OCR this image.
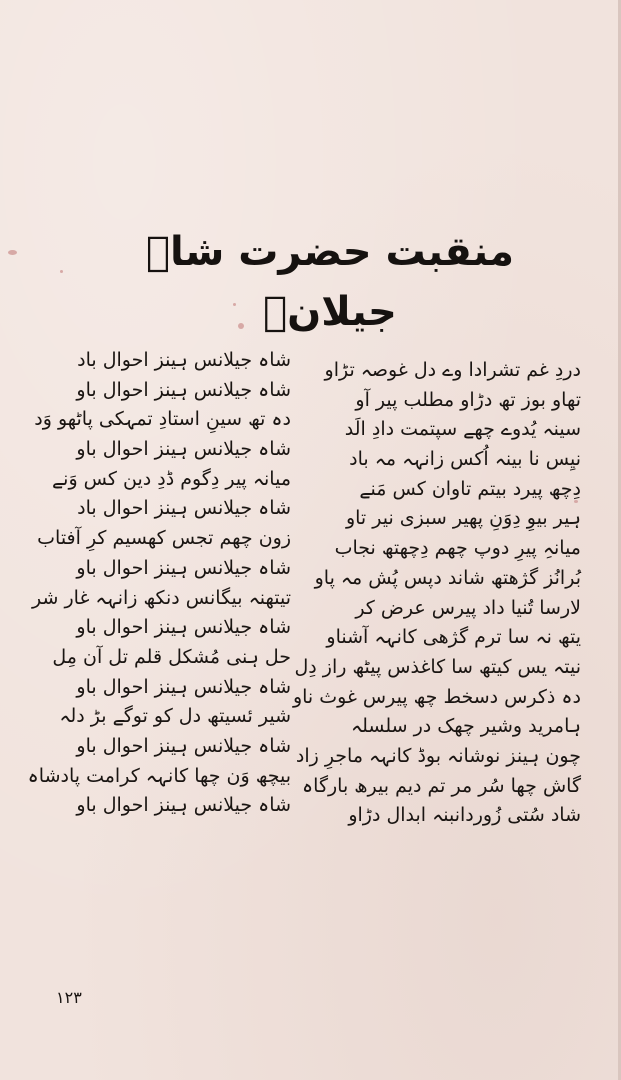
منقبت حضرت شاہ جیلانؒ
دردِ غم تشرادا وے دل غوصہ تڑاو
تھاو بوز تھ دڑاو مطلب پیر آو
سینہ یُدوے چھے سپتمت دادِ الَد
نیِس نا بینہ اُکس زانہہ مہ باد
دِچھ پیرد بیتم تاوان کس مَنے
ہیر بیوِ دِوَنِ پھیر سبزی نیر تاو
میانہِ پیرِ دوپ چھم دِچھتھ نجاب
بُرانُز گژھتھ شاند دپس پُش مہ پاو
لارسا تُنیا داد پیرس عرض کر
یتھ نہ سا ترم گژھی کانہہ آشناو
نیتہ یس کیتھ سا کاغذس پیٹھ راز دِل
دہ ذکرس دسخط چھ پیرس غوث ناو
ہامرید وشیر چھک در سلسلہ
چون ہینز نوشانہ بوڈ کانہہ ماجرِ زاد
گاش چھا سُر مر تم دیم بیرھ بارگاہ
شاد سُتی زُوردانبنہ ابدال دڑاو
شاہ جیلانس ہینز احوال باد
شاہ جیلانس ہینز احوال باو
دہ تھ سینِ استادِ تمہکی پاٹھو وَد
شاہ جیلانس ہینز احوال باو
میانہ پیر دِگوم ڈدِ دین کس وَنے
شاہ جیلانس ہینز احوال باد
زون چھم تجس کھسیم کرِ آفتاب
شاہ جیلانس ہینز احوال باو
تیتھنہ بیگانس دنکھ زانہہ غار شر
شاہ جیلانس ہینز احوال باو
حل ہنی مُشکل قلم تل آن مِل
شاہ جیلانس ہینز احوال باو
شیر ئسیتھ دل کو توگے بڑ دلہ
شاہ جیلانس ہینز احوال باو
بیچھ وَن چھا کانہہ کرامت پادشاہ
شاہ جیلانس ہینز احوال باو
۱۲۳
